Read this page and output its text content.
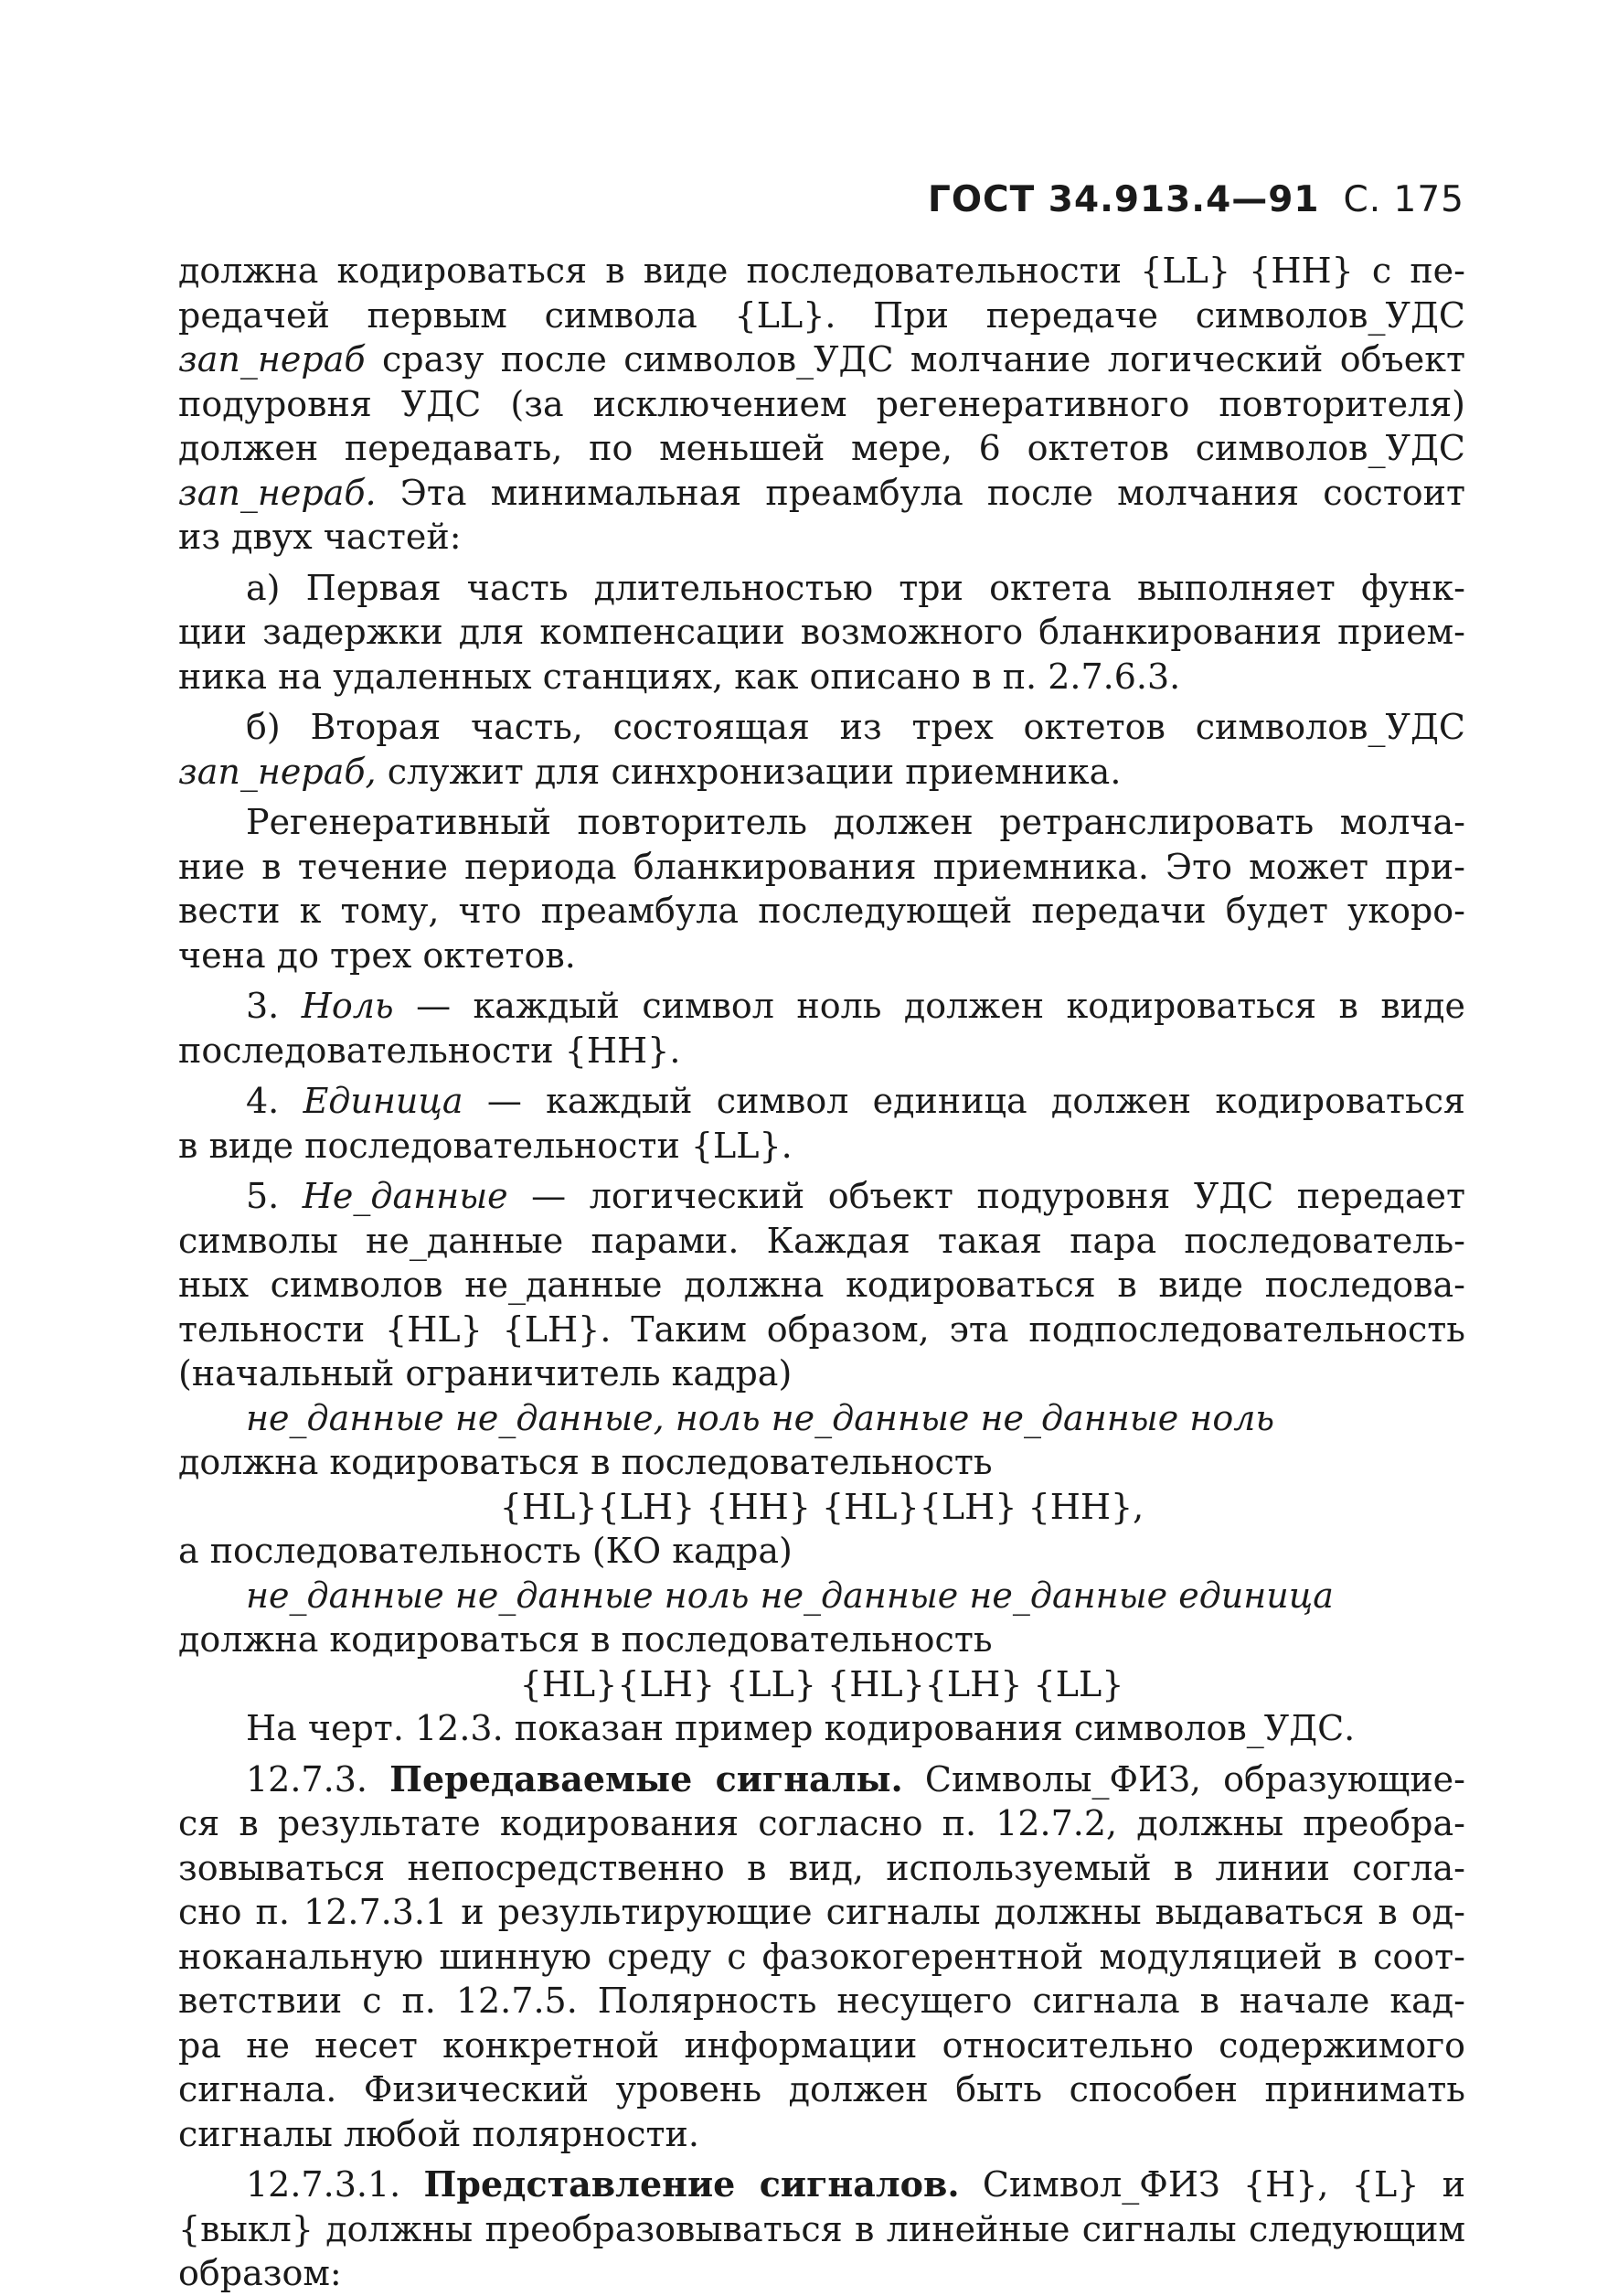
ГОСТ 34.913.4—91 С. 175
должна кодироваться в виде последовательности {LL} {HH} с пе-
редачей первым символа {LL}. При передаче символов_УДС
зап_нераб сразу после символов_УДС молчание логический объект
подуровня УДС (за исключением регенеративного повторителя)
должен передавать, по меньшей мере, 6 октетов символов_УДС
зап_нераб. Эта минимальная преамбула после молчания состоит
из двух частей:
а) Первая часть длительностью три октета выполняет функ-
ции задержки для компенсации возможного бланкирования прием-
ника на удаленных станциях, как описано в п. 2.7.6.3.
б) Вторая часть, состоящая из трех октетов символов_УДС
зап_нераб, служит для синхронизации приемника.
Регенеративный повторитель должен ретранслировать молча-
ние в течение периода бланкирования приемника. Это может при-
вести к тому, что преамбула последующей передачи будет укоро-
чена до трех октетов.
3. Ноль — каждый символ ноль должен кодироваться в виде
последовательности {HH}.
4. Единица — каждый символ единица должен кодироваться
в виде последовательности {LL}.
5. Не_данные — логический объект подуровня УДС передает
символы не_данные парами. Каждая такая пара последователь-
ных символов не_данные должна кодироваться в виде последова-
тельности {HL} {LH}. Таким образом, эта подпоследовательность
(начальный ограничитель кадра)
не_данные не_данные, ноль не_данные не_данные ноль
должна кодироваться в последовательность
{HL}{LH} {HH} {HL}{LH} {HH},
а последовательность (КО кадра)
не_данные не_данные ноль не_данные не_данные единица
должна кодироваться в последовательность
{HL}{LH} {LL} {HL}{LH} {LL}
На черт. 12.3. показан пример кодирования символов_УДС.
12.7.3. Передаваемые сигналы. Символы_ФИЗ, образующие-
ся в результате кодирования согласно п. 12.7.2, должны преобра-
зовываться непосредственно в вид, используемый в линии согла-
сно п. 12.7.3.1 и результирующие сигналы должны выдаваться в од-
ноканальную шинную среду с фазокогерентной модуляцией в соот-
ветствии с п. 12.7.5. Полярность несущего сигнала в начале кад-
ра не несет конкретной информации относительно содержимого
сигнала. Физический уровень должен быть способен принимать
сигналы любой полярности.
12.7.3.1. Представление сигналов. Символ_ФИЗ {H}, {L} и
{выкл} должны преобразовываться в линейные сигналы следующим
образом:
